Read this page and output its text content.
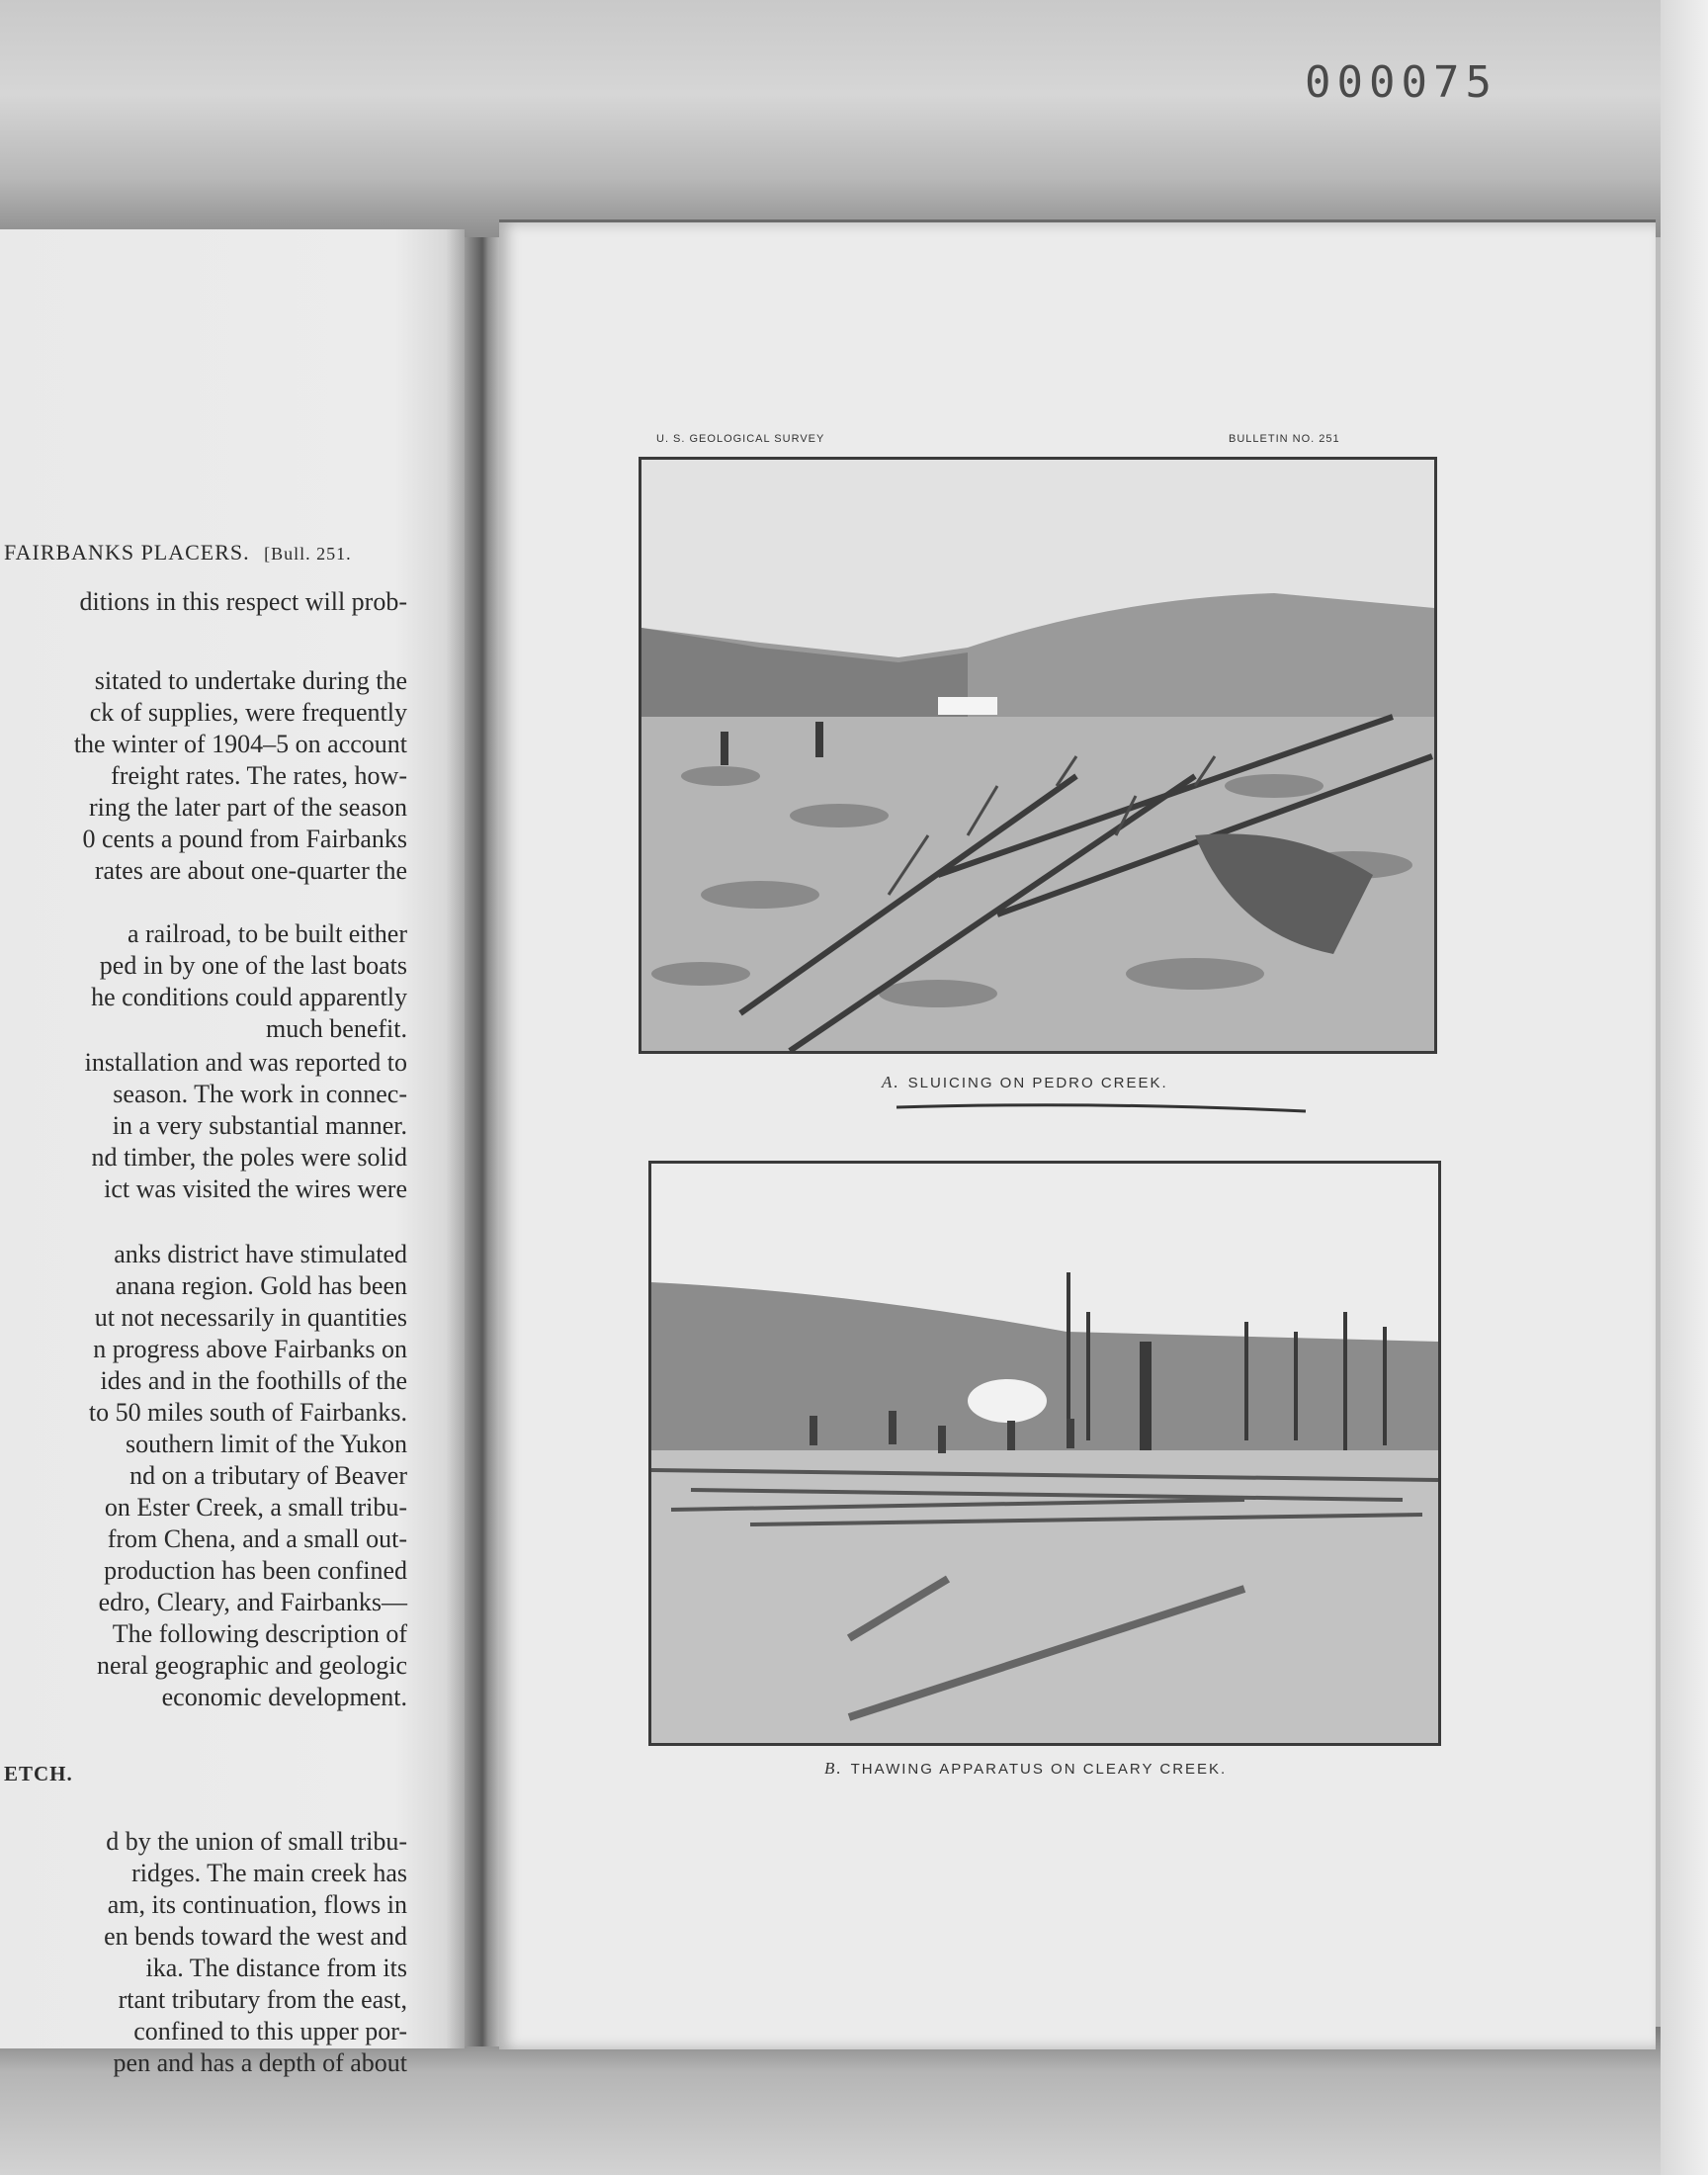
000075
FAIRBANKS PLACERS. [Bull. 251.
ditions in this respect will prob-
sitated to undertake during the
ck of supplies, were frequently
the winter of 1904–5 on account
freight rates. The rates, how-
ring the later part of the season
0 cents a pound from Fairbanks
rates are about one-quarter the
a railroad, to be built either
ped in by one of the last boats
he conditions could apparently
much benefit.
installation and was reported to
season. The work in connec-
in a very substantial manner.
nd timber, the poles were solid
ict was visited the wires were
anks district have stimulated
anana region. Gold has been
ut not necessarily in quantities
n progress above Fairbanks on
ides and in the foothills of the
to 50 miles south of Fairbanks.
southern limit of the Yukon
nd on a tributary of Beaver
on Ester Creek, a small tribu-
from Chena, and a small out-
production has been confined
edro, Cleary, and Fairbanks—
The following description of
neral geographic and geologic
economic development.
d by the union of small tribu-
ridges. The main creek has
am, its continuation, flows in
en bends toward the west and
ika. The distance from its
rtant tributary from the east,
confined to this upper por-
pen and has a depth of about
ETCH.
U. S. GEOLOGICAL SURVEY	BULLETIN NO. 251
A. SLUICING ON PEDRO CREEK.
B. THAWING APPARATUS ON CLEARY CREEK.
